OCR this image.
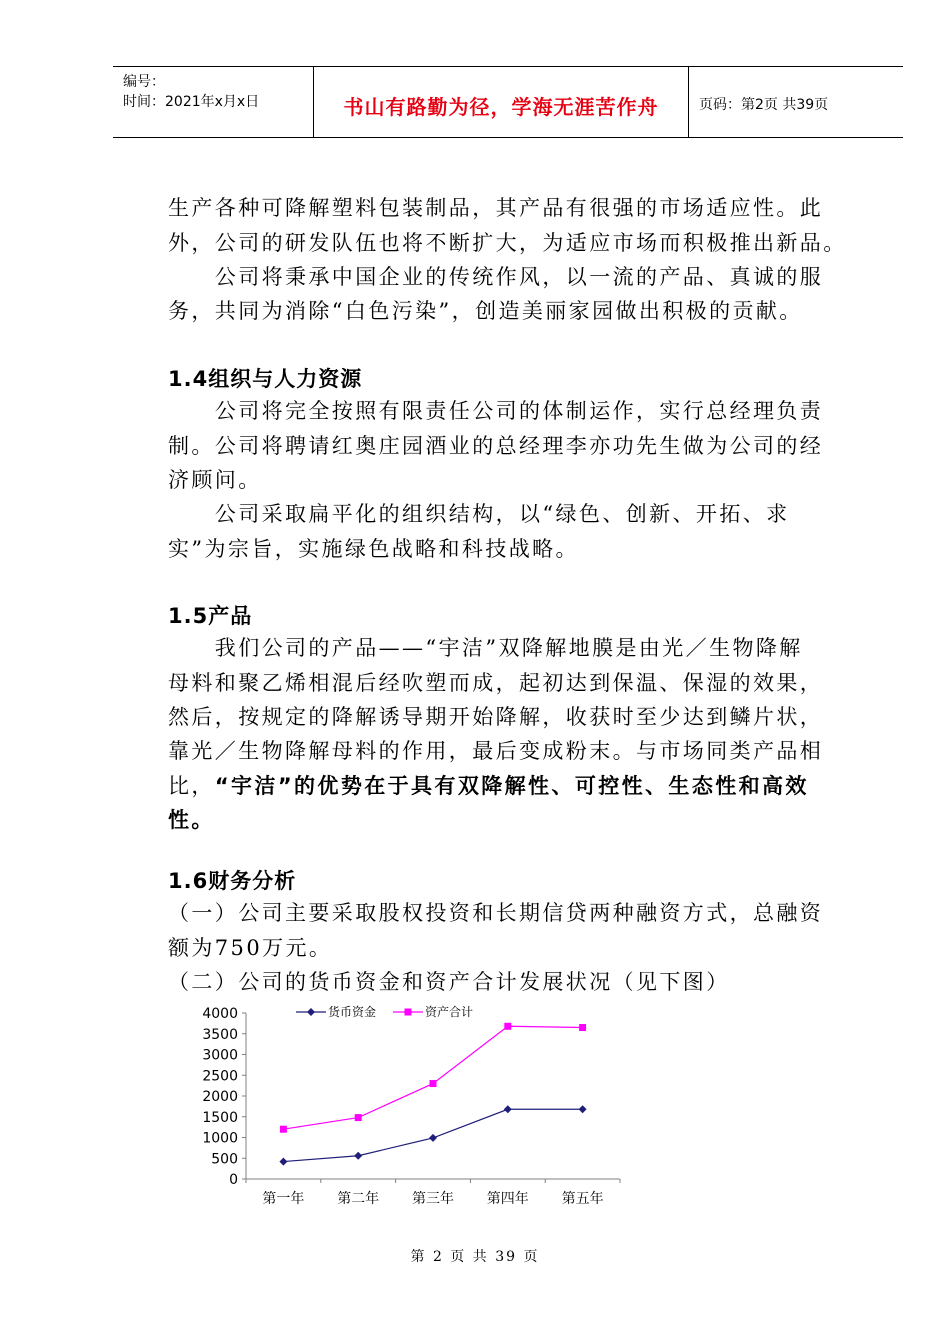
编号：
时间：2021年x月x日	书山有路勤为径，学海无涯苦作舟	页码：第2页 共39页
生产各种可降解塑料包装制品，其产品有很强的市场适应性。此
外，公司的研发队伍也将不断扩大，为适应市场而积极推出新品。
　　公司将秉承中国企业的传统作风，以一流的产品、真诚的服
务，共同为消除“白色污染”，创造美丽家园做出积极的贡献。
1.4组织与人力资源
　　公司将完全按照有限责任公司的体制运作，实行总经理负责
制。公司将聘请红奥庄园酒业的总经理李亦功先生做为公司的经
济顾问。
　　公司采取扁平化的组织结构，以“绿色、创新、开拓、求
实”为宗旨，实施绿色战略和科技战略。
1.5产品
　　我们公司的产品——“宇洁”双降解地膜是由光／生物降解
母料和聚乙烯相混后经吹塑而成，起初达到保温、保湿的效果，
然后，按规定的降解诱导期开始降解，收获时至少达到鳞片状，
靠光／生物降解母料的作用，最后变成粉末。与市场同类产品相
比，“宇洁”的优势在于具有双降解性、可控性、生态性和高效
性。
1.6财务分析
（一）公司主要采取股权投资和长期信贷两种融资方式，总融资
额为750万元。
（二）公司的货币资金和资产合计发展状况（见下图）
0
500
1000
1500
2000
2500
3000
3500
4000
第一年 第二年 第三年 第四年 第五年
货币资金	资产合计
第 2 页 共 39 页
